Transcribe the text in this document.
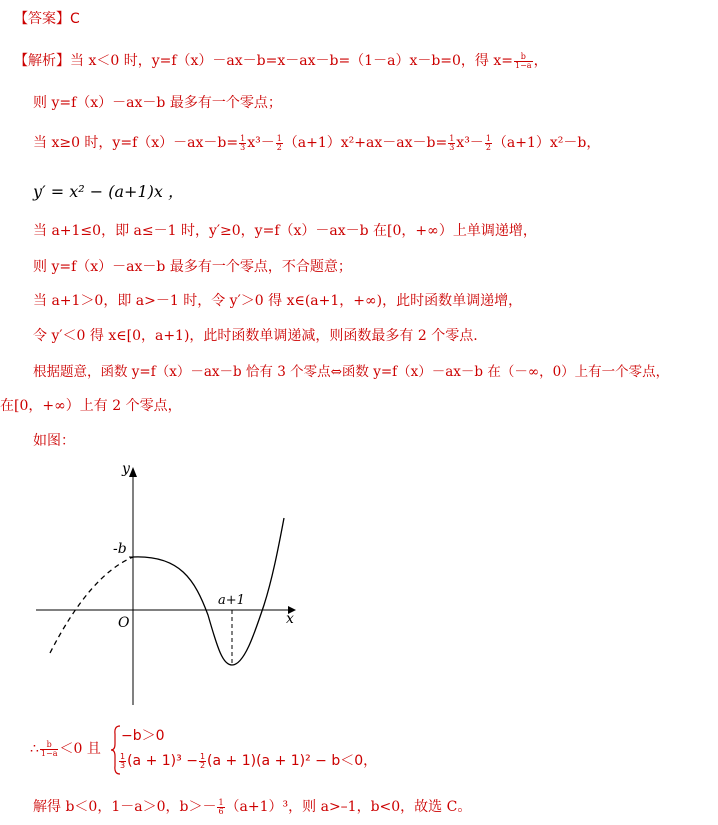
【答案】C
【解析】当 x＜0 时，y=f（x）－ax－b=x－ax－b=（1－a）x－b=0，得 $x= \frac{b}{1-a}$ ，
则 y=f（x）－ax－b 最多有一个零点；
当 x≥0 时，$y=f(x)-ax-b= \frac{1}{3} x^3- \frac{1}{2} (a+1)x^2+ax-ax-b= \frac{1}{3} x^3- \frac{1}{2} (a+1)x^2-b$，
y′ = x² − (a+1)x ，
当 a+1≤0，即 a≤－1 时，y′≥0，y=f（x）－ax－b 在[0，+∞）上单调递增，
则 y=f（x）－ax－b 最多有一个零点，不合题意；
当 a+1＞0，即 a>－1 时，令 y′＞0 得 x∈(a+1，+∞)，此时函数单调递增，
令 y′＜0 得 x∈[0，a+1)，此时函数单调递减，则函数最多有 2 个零点.
根据题意，函数 y=f（x）－ax－b 恰有 3 个零点⇔函数 y=f（x）－ax－b 在（－∞，0）上有一个零点，
在[0，+∞）上有 2 个零点，
如图：
y
x
O
-b
a+1
∴ $\frac{b}{1-a} <0$ 且
−b＞0
$\frac{1}{3} (a + 1)^3 - \frac{1}{2} (a + 1)(a + 1)^2 - b<0$，
解得 b＜0，1－a＞0，$b>- \frac{1}{6} (a+1)^3$，则 a>–1，b<0，故选 C。
